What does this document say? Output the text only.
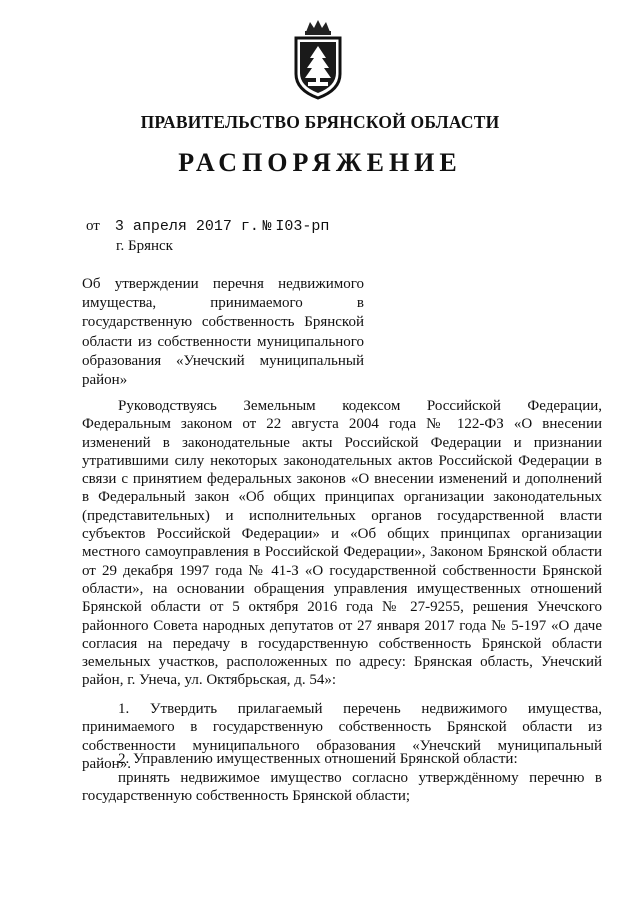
ПРАВИТЕЛЬСТВО БРЯНСКОЙ ОБЛАСТИ
РАСПОРЯЖЕНИЕ
от 3 апреля 2017 г. № I03-рп
г. Брянск
Об утверждении перечня недвижимого имущества, принимаемого в государственную собственность Брянской области из собственности муниципального образования «Унечский муниципальный район»

Руководствуясь Земельным кодексом Российской Федерации, Федеральным законом от 22 августа 2004 года № 122-ФЗ «О внесении изменений в законодательные акты Российской Федерации и признании утратившими силу некоторых законодательных актов Российской Федерации в связи с принятием федеральных законов «О внесении изменений и дополнений в Федеральный закон «Об общих принципах организации законодательных (представительных) и исполнительных органов государственной власти субъектов Российской Федерации» и «Об общих принципах организации местного самоуправления в Российской Федерации», Законом Брянской области от 29 декабря 1997 года № 41-З «О государственной собственности Брянской области», на основании обращения управления имущественных отношений Брянской области от 5 октября 2016 года № 27-9255, решения Унечского районного Совета народных депутатов от 27 января 2017 года № 5-197 «О даче согласия на передачу в государственную собственность Брянской области земельных участков, расположенных по адресу: Брянская область, Унечский район, г. Унеча, ул. Октябрьская, д. 54»:

1. Утвердить прилагаемый перечень недвижимого имущества, принимаемого в государственную собственность Брянской области из собственности муниципального образования «Унечский муниципальный район».

2. Управлению имущественных отношений Брянской области:

принять недвижимое имущество согласно утверждённому перечню в государственную собственность Брянской области;
